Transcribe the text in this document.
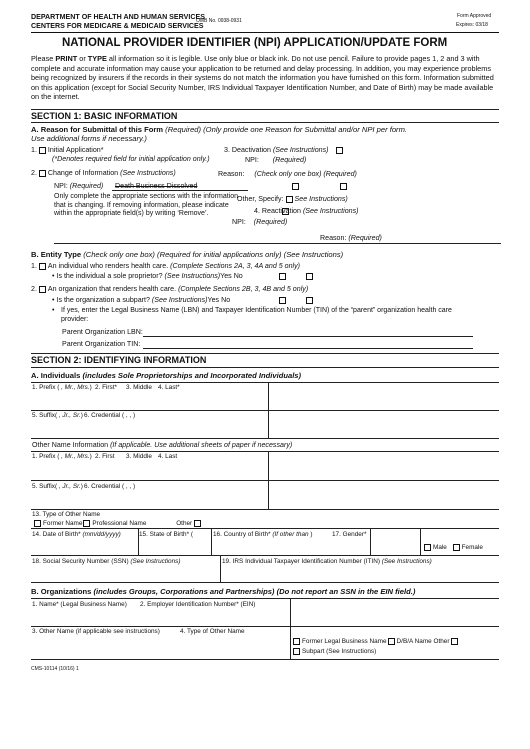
DEPARTMENT OF HEALTH AND HUMAN SERVICES
CENTERS FOR MEDICARE & MEDICAID SERVICES
OMB No. 0938-0931
Form Approved
Expires: 03/18
NATIONAL PROVIDER IDENTIFIER (NPI) APPLICATION/UPDATE FORM
Please PRINT or TYPE all information so it is legible. Use only blue or black ink. Do not use pencil. Failure to provide pages 1, 2 and 3 with complete and accurate information may cause your application to be returned and delay processing. In addition, you may experience problems being recognized by insurers if the records in their systems do not match the information you have furnished on this form. Information submitted on this application (except for Social Security Number, IRS Individual Taxpayer Identification Number, and Date of Birth) may be made available on the internet.
SECTION 1: BASIC INFORMATION
A. Reason for Submittal of this Form (Required) (Only provide one Reason for Submittal and/or NPI per form.
Use additional forms if necessary.)
1. Initial Application*
(*Denotes required field for initial application only.)
3. Deactivation (See Instructions)
NPI: (Required)
2. Change of Information (See Instructions)	Reason: (Check only one box) (Required)
NPI: (Required) Death Business Dissolved
Only complete the appropriate sections with the information that is changing. If removing information, please indicate within the appropriate field(s) by writing ‘Remove’.
Other, Specify: See Instructions)
4. Reactivation (See Instructions)
NPI: (Required)
Reason: (Required)
B. Entity Type (Check only one box) (Required for initial applications only) (See Instructions)
1. An individual who renders health care. (Complete Sections 2A, 3, 4A and 5 only)
• Is the individual a sole proprietor? (See Instructions)Yes No
2. An organization that renders health care. (Complete Sections 2B, 3, 4B and 5 only)
• Is the organization a subpart? (See Instructions)Yes No
• If yes, enter the Legal Business Name (LBN) and Taxpayer Identification Number (TIN) of the “parent” organization health care provider:
Parent Organization LBN:
Parent Organization TIN:
SECTION 2: IDENTIFYING INFORMATION
A. Individuals (includes Sole Proprietorships and Incorporated Individuals)
1. Prefix ( , Mr., Mrs.) 2. First* 3. Middle 4. Last*
5. Suffix( , Jr., Sr.) 6. Credential ( , , )
Other Name Information (If applicable. Use additional sheets of paper if necessary)
1. Prefix ( , Mr., Mrs.) 2. First 3. Middle 4. Last
5. Suffix( , Jr., Sr.) 6. Credential ( , , )
13. Type of Other Name
Former Name Professional Name	Other
14. Date of Birth* (mm/dd/yyyy)	15. State of Birth* (	16. Country of Birth* (If other than )	17. Gender*
Male Female
18. Social Security Number (SSN) (See Instructions)	19. IRS Individual Taxpayer Identification Number (ITIN) (See Instructions)
B. Organizations (includes Groups, Corporations and Partnerships) (Do not report an SSN in the EIN field.)
1. Name* (Legal Business Name) 2. Employer Identification Number* (EIN)
3. Other Name (if applicable see instructions)	4. Type of Other Name
Former Legal Business Name D/B/A Name Other
Subpart (See Instructions)
CMS-10114 (10/16) 1
